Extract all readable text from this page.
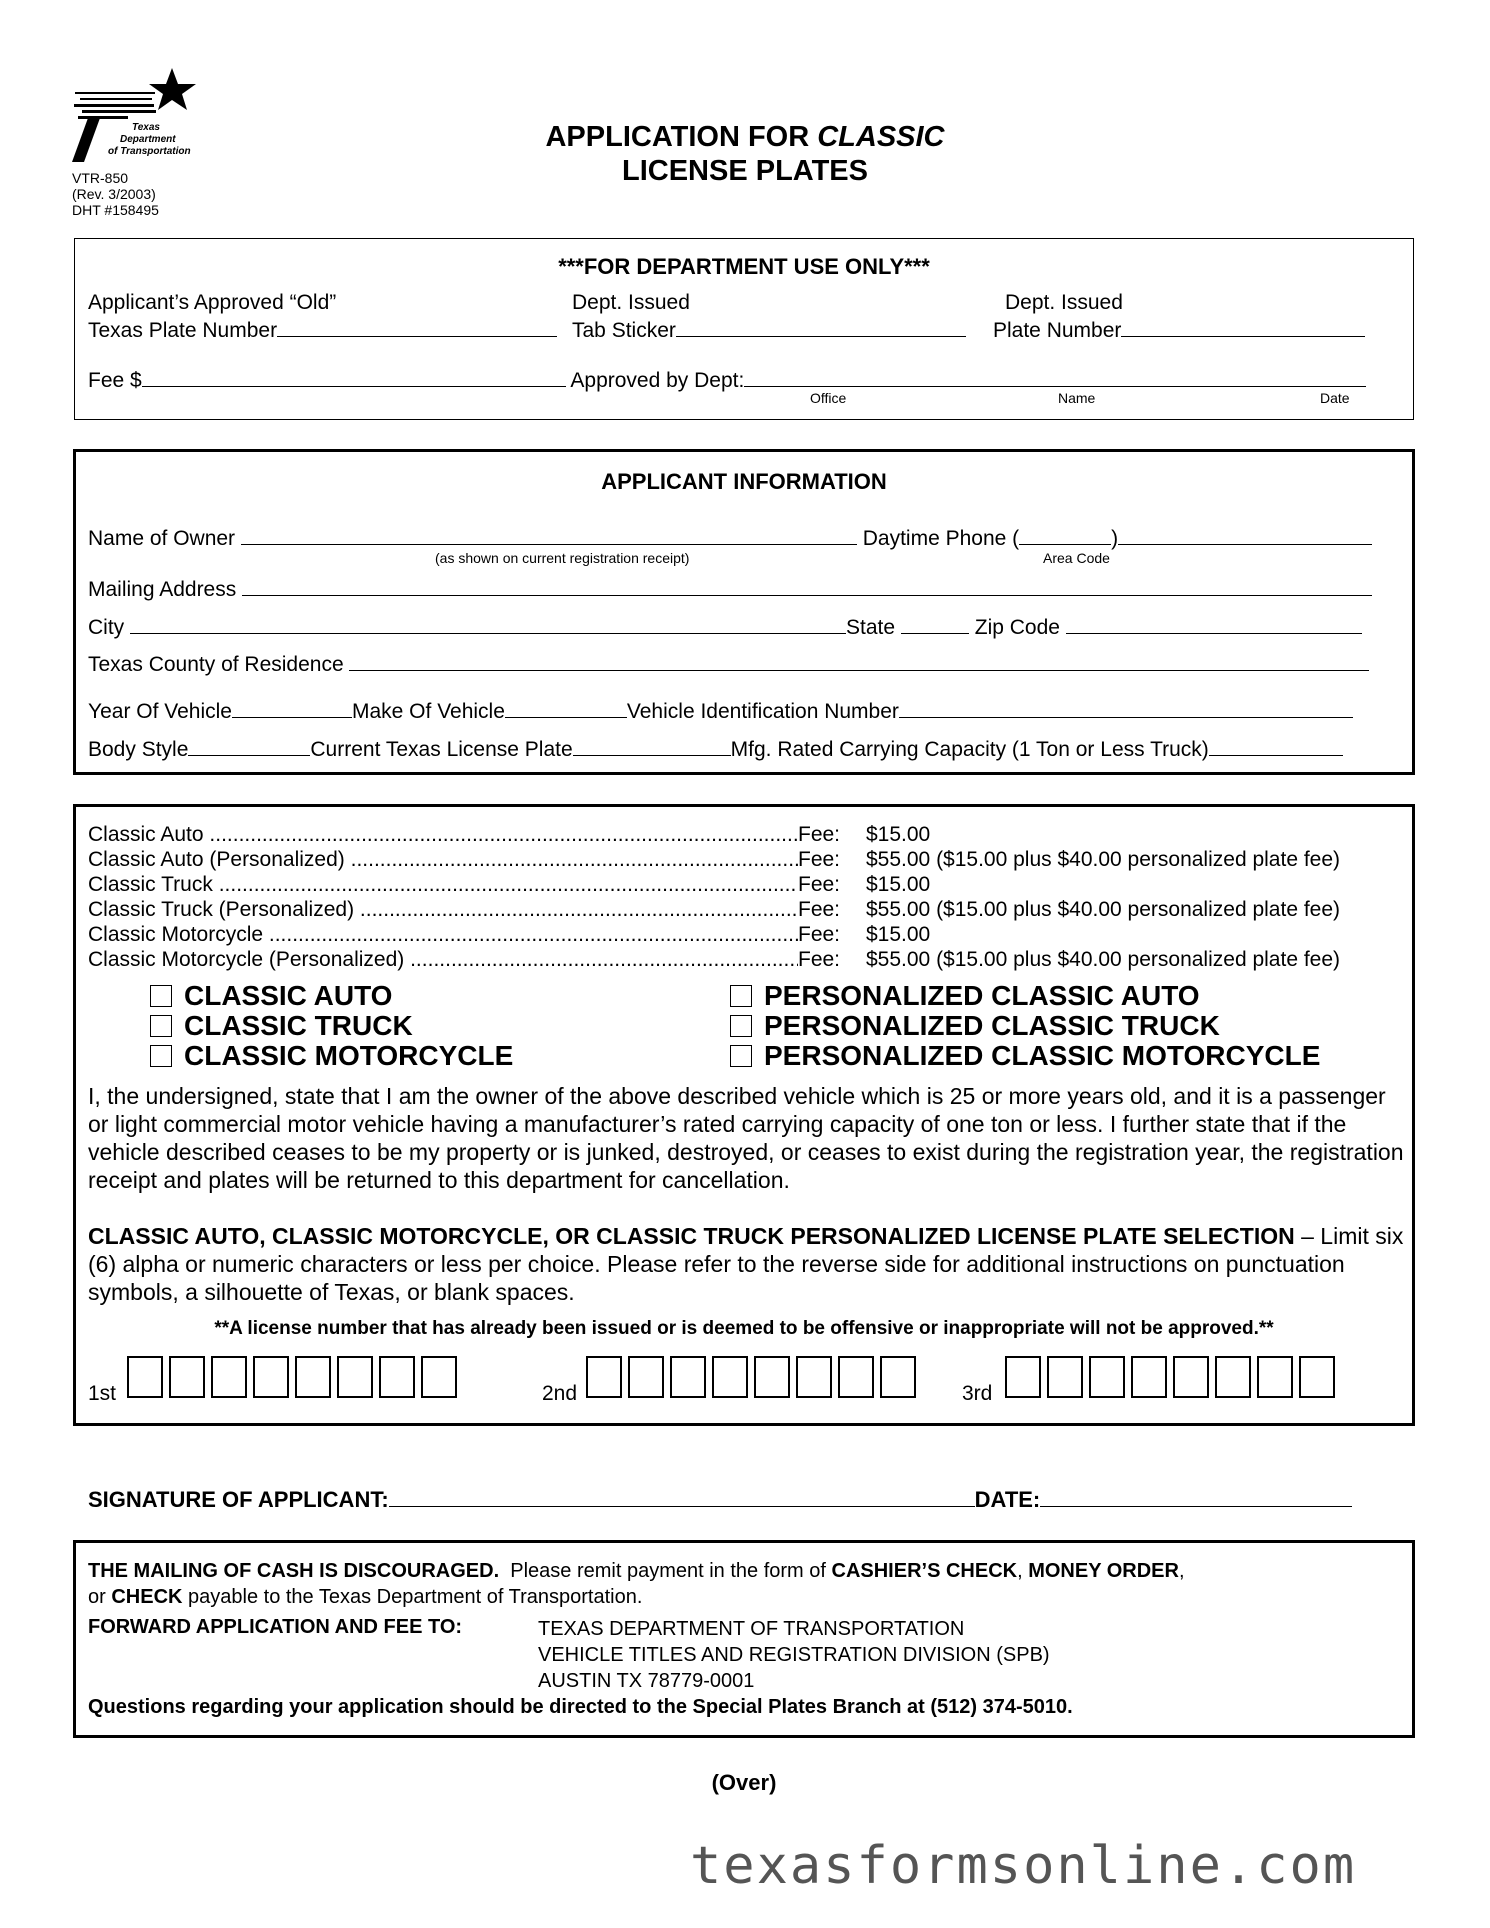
Texas
Department
of Transportation
VTR-850
(Rev. 3/2003)
DHT #158495
APPLICATION FOR CLASSIC
LICENSE PLATES
***FOR DEPARTMENT USE ONLY***
Applicant’s Approved “Old”
Texas Plate Number
Dept. Issued
Tab Sticker
Dept. Issued
Plate Number
Fee $	Approved by Dept:
Office	Name	Date
APPLICANT INFORMATION
Name of Owner	Daytime Phone (	)
(as shown on current registration receipt)	Area Code
Mailing Address
City	State	Zip Code
Texas County of Residence
Year Of Vehicle	Make Of Vehicle	Vehicle Identification Number
Body Style	Current Texas License Plate	Mfg. Rated Carrying Capacity (1 Ton or Less Truck)
Classic Auto .....	Fee:	$15.00
Classic Auto (Personalized) .....	Fee:	$55.00 ($15.00 plus $40.00 personalized plate fee)
Classic Truck .....	Fee:	$15.00
Classic Truck (Personalized) .....	Fee:	$55.00 ($15.00 plus $40.00 personalized plate fee)
Classic Motorcycle .....	Fee:	$15.00
Classic Motorcycle (Personalized) .....	Fee:	$55.00 ($15.00 plus $40.00 personalized plate fee)
CLASSIC AUTO
CLASSIC TRUCK
CLASSIC MOTORCYCLE
PERSONALIZED CLASSIC AUTO
PERSONALIZED CLASSIC TRUCK
PERSONALIZED CLASSIC MOTORCYCLE
I, the undersigned, state that I am the owner of the above described vehicle which is 25 or more years old, and it is a passenger or light commercial motor vehicle having a manufacturer’s rated carrying capacity of one ton or less. I further state that if the vehicle described ceases to be my property or is junked, destroyed, or ceases to exist during the registration year, the registration receipt and plates will be returned to this department for cancellation.
CLASSIC AUTO, CLASSIC MOTORCYCLE, OR CLASSIC TRUCK PERSONALIZED LICENSE PLATE SELECTION – Limit six (6) alpha or numeric characters or less per choice. Please refer to the reverse side for additional instructions on punctuation symbols, a silhouette of Texas, or blank spaces.
**A license number that has already been issued or is deemed to be offensive or inappropriate will not be approved.**
1st	2nd	3rd
SIGNATURE OF APPLICANT:	DATE:
THE MAILING OF CASH IS DISCOURAGED.  Please remit payment in the form of CASHIER’S CHECK, MONEY ORDER,
or CHECK payable to the Texas Department of Transportation.
FORWARD APPLICATION AND FEE TO:	TEXAS DEPARTMENT OF TRANSPORTATION
VEHICLE TITLES AND REGISTRATION DIVISION (SPB)
AUSTIN TX 78779-0001
Questions regarding your application should be directed to the Special Plates Branch at (512) 374-5010.
(Over)
texasformsonline.com
